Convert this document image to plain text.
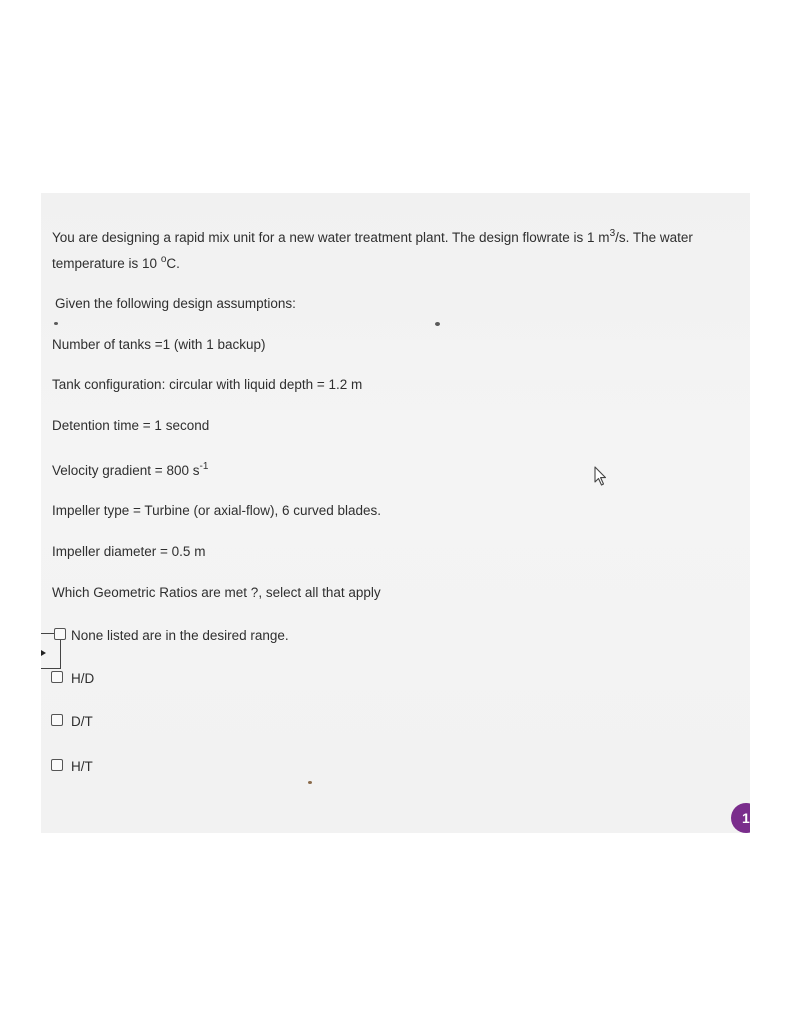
You are designing a rapid mix unit for a new water treatment plant. The design flowrate is 1 $m^3/s$. The water
temperature is 10 $^o$C.
Given the following design assumptions:
Number of tanks =1 (with 1 backup)
Tank configuration: circular with liquid depth = 1.2 m
Detention time = 1 second
Velocity gradient = 800 $s^{-1}$
Impeller type = Turbine (or axial-flow), 6 curved blades.
Impeller diameter = 0.5 m
Which Geometric Ratios are met ?, select all that apply
None listed are in the desired range.
H/D
D/T
H/T
1
